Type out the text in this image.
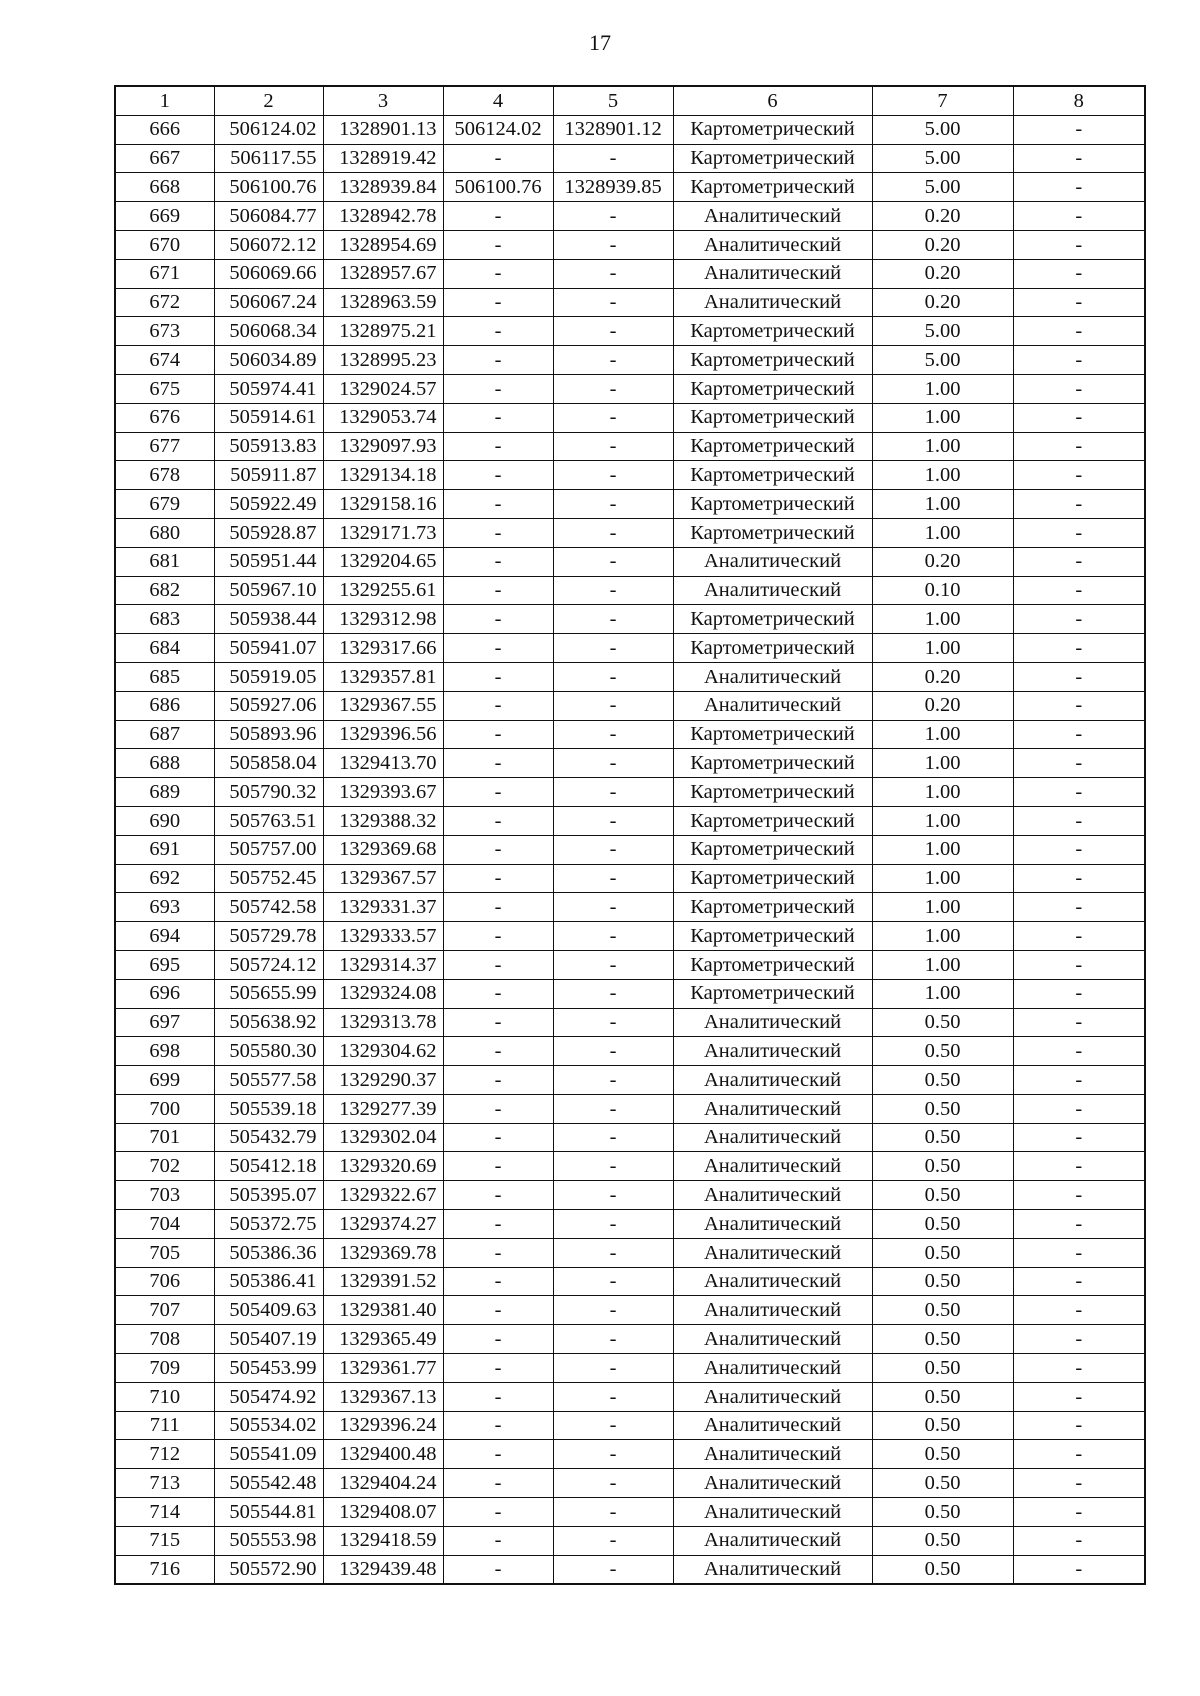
17
1	2	3	4	5	6	7	8
666	506124.02	1328901.13	506124.02	1328901.12	Картометрический	5.00	-
667	506117.55	1328919.42	-	-	Картометрический	5.00	-
668	506100.76	1328939.84	506100.76	1328939.85	Картометрический	5.00	-
669	506084.77	1328942.78	-	-	Аналитический	0.20	-
670	506072.12	1328954.69	-	-	Аналитический	0.20	-
671	506069.66	1328957.67	-	-	Аналитический	0.20	-
672	506067.24	1328963.59	-	-	Аналитический	0.20	-
673	506068.34	1328975.21	-	-	Картометрический	5.00	-
674	506034.89	1328995.23	-	-	Картометрический	5.00	-
675	505974.41	1329024.57	-	-	Картометрический	1.00	-
676	505914.61	1329053.74	-	-	Картометрический	1.00	-
677	505913.83	1329097.93	-	-	Картометрический	1.00	-
678	505911.87	1329134.18	-	-	Картометрический	1.00	-
679	505922.49	1329158.16	-	-	Картометрический	1.00	-
680	505928.87	1329171.73	-	-	Картометрический	1.00	-
681	505951.44	1329204.65	-	-	Аналитический	0.20	-
682	505967.10	1329255.61	-	-	Аналитический	0.10	-
683	505938.44	1329312.98	-	-	Картометрический	1.00	-
684	505941.07	1329317.66	-	-	Картометрический	1.00	-
685	505919.05	1329357.81	-	-	Аналитический	0.20	-
686	505927.06	1329367.55	-	-	Аналитический	0.20	-
687	505893.96	1329396.56	-	-	Картометрический	1.00	-
688	505858.04	1329413.70	-	-	Картометрический	1.00	-
689	505790.32	1329393.67	-	-	Картометрический	1.00	-
690	505763.51	1329388.32	-	-	Картометрический	1.00	-
691	505757.00	1329369.68	-	-	Картометрический	1.00	-
692	505752.45	1329367.57	-	-	Картометрический	1.00	-
693	505742.58	1329331.37	-	-	Картометрический	1.00	-
694	505729.78	1329333.57	-	-	Картометрический	1.00	-
695	505724.12	1329314.37	-	-	Картометрический	1.00	-
696	505655.99	1329324.08	-	-	Картометрический	1.00	-
697	505638.92	1329313.78	-	-	Аналитический	0.50	-
698	505580.30	1329304.62	-	-	Аналитический	0.50	-
699	505577.58	1329290.37	-	-	Аналитический	0.50	-
700	505539.18	1329277.39	-	-	Аналитический	0.50	-
701	505432.79	1329302.04	-	-	Аналитический	0.50	-
702	505412.18	1329320.69	-	-	Аналитический	0.50	-
703	505395.07	1329322.67	-	-	Аналитический	0.50	-
704	505372.75	1329374.27	-	-	Аналитический	0.50	-
705	505386.36	1329369.78	-	-	Аналитический	0.50	-
706	505386.41	1329391.52	-	-	Аналитический	0.50	-
707	505409.63	1329381.40	-	-	Аналитический	0.50	-
708	505407.19	1329365.49	-	-	Аналитический	0.50	-
709	505453.99	1329361.77	-	-	Аналитический	0.50	-
710	505474.92	1329367.13	-	-	Аналитический	0.50	-
711	505534.02	1329396.24	-	-	Аналитический	0.50	-
712	505541.09	1329400.48	-	-	Аналитический	0.50	-
713	505542.48	1329404.24	-	-	Аналитический	0.50	-
714	505544.81	1329408.07	-	-	Аналитический	0.50	-
715	505553.98	1329418.59	-	-	Аналитический	0.50	-
716	505572.90	1329439.48	-	-	Аналитический	0.50	-
